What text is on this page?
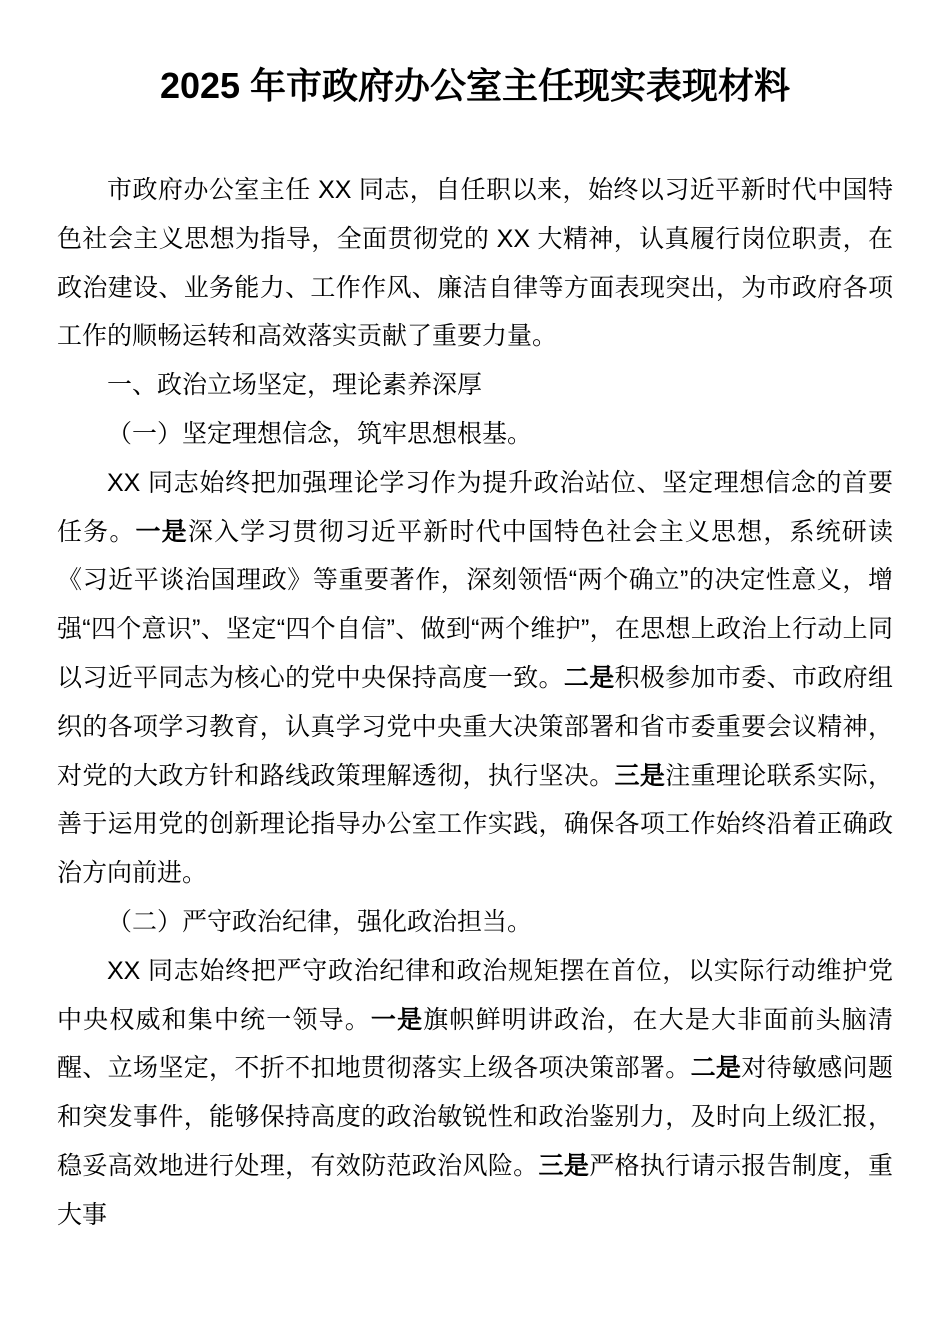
2025 年市政府办公室主任现实表现材料

市政府办公室主任 XX 同志，自任职以来，始终以习近平新时代中国特色社会主义思想为指导，全面贯彻党的 XX 大精神，认真履行岗位职责，在政治建设、业务能力、工作作风、廉洁自律等方面表现突出，为市政府各项工作的顺畅运转和高效落实贡献了重要力量。

一、政治立场坚定，理论素养深厚

（一）坚定理想信念，筑牢思想根基。

XX 同志始终把加强理论学习作为提升政治站位、坚定理想信念的首要任务。一是深入学习贯彻习近平新时代中国特色社会主义思想，系统研读《习近平谈治国理政》等重要著作，深刻领悟“两个确立”的决定性意义，增强“四个意识”、坚定“四个自信”、做到“两个维护”，在思想上政治上行动上同以习近平同志为核心的党中央保持高度一致。二是积极参加市委、市政府组织的各项学习教育，认真学习党中央重大决策部署和省市委重要会议精神，对党的大政方针和路线政策理解透彻，执行坚决。三是注重理论联系实际，善于运用党的创新理论指导办公室工作实践，确保各项工作始终沿着正确政治方向前进。

（二）严守政治纪律，强化政治担当。

XX 同志始终把严守政治纪律和政治规矩摆在首位，以实际行动维护党中央权威和集中统一领导。一是旗帜鲜明讲政治，在大是大非面前头脑清醒、立场坚定，不折不扣地贯彻落实上级各项决策部署。二是对待敏感问题和突发事件，能够保持高度的政治敏锐性和政治鉴别力，及时向上级汇报，稳妥高效地进行处理，有效防范政治风险。三是严格执行请示报告制度，重大事
